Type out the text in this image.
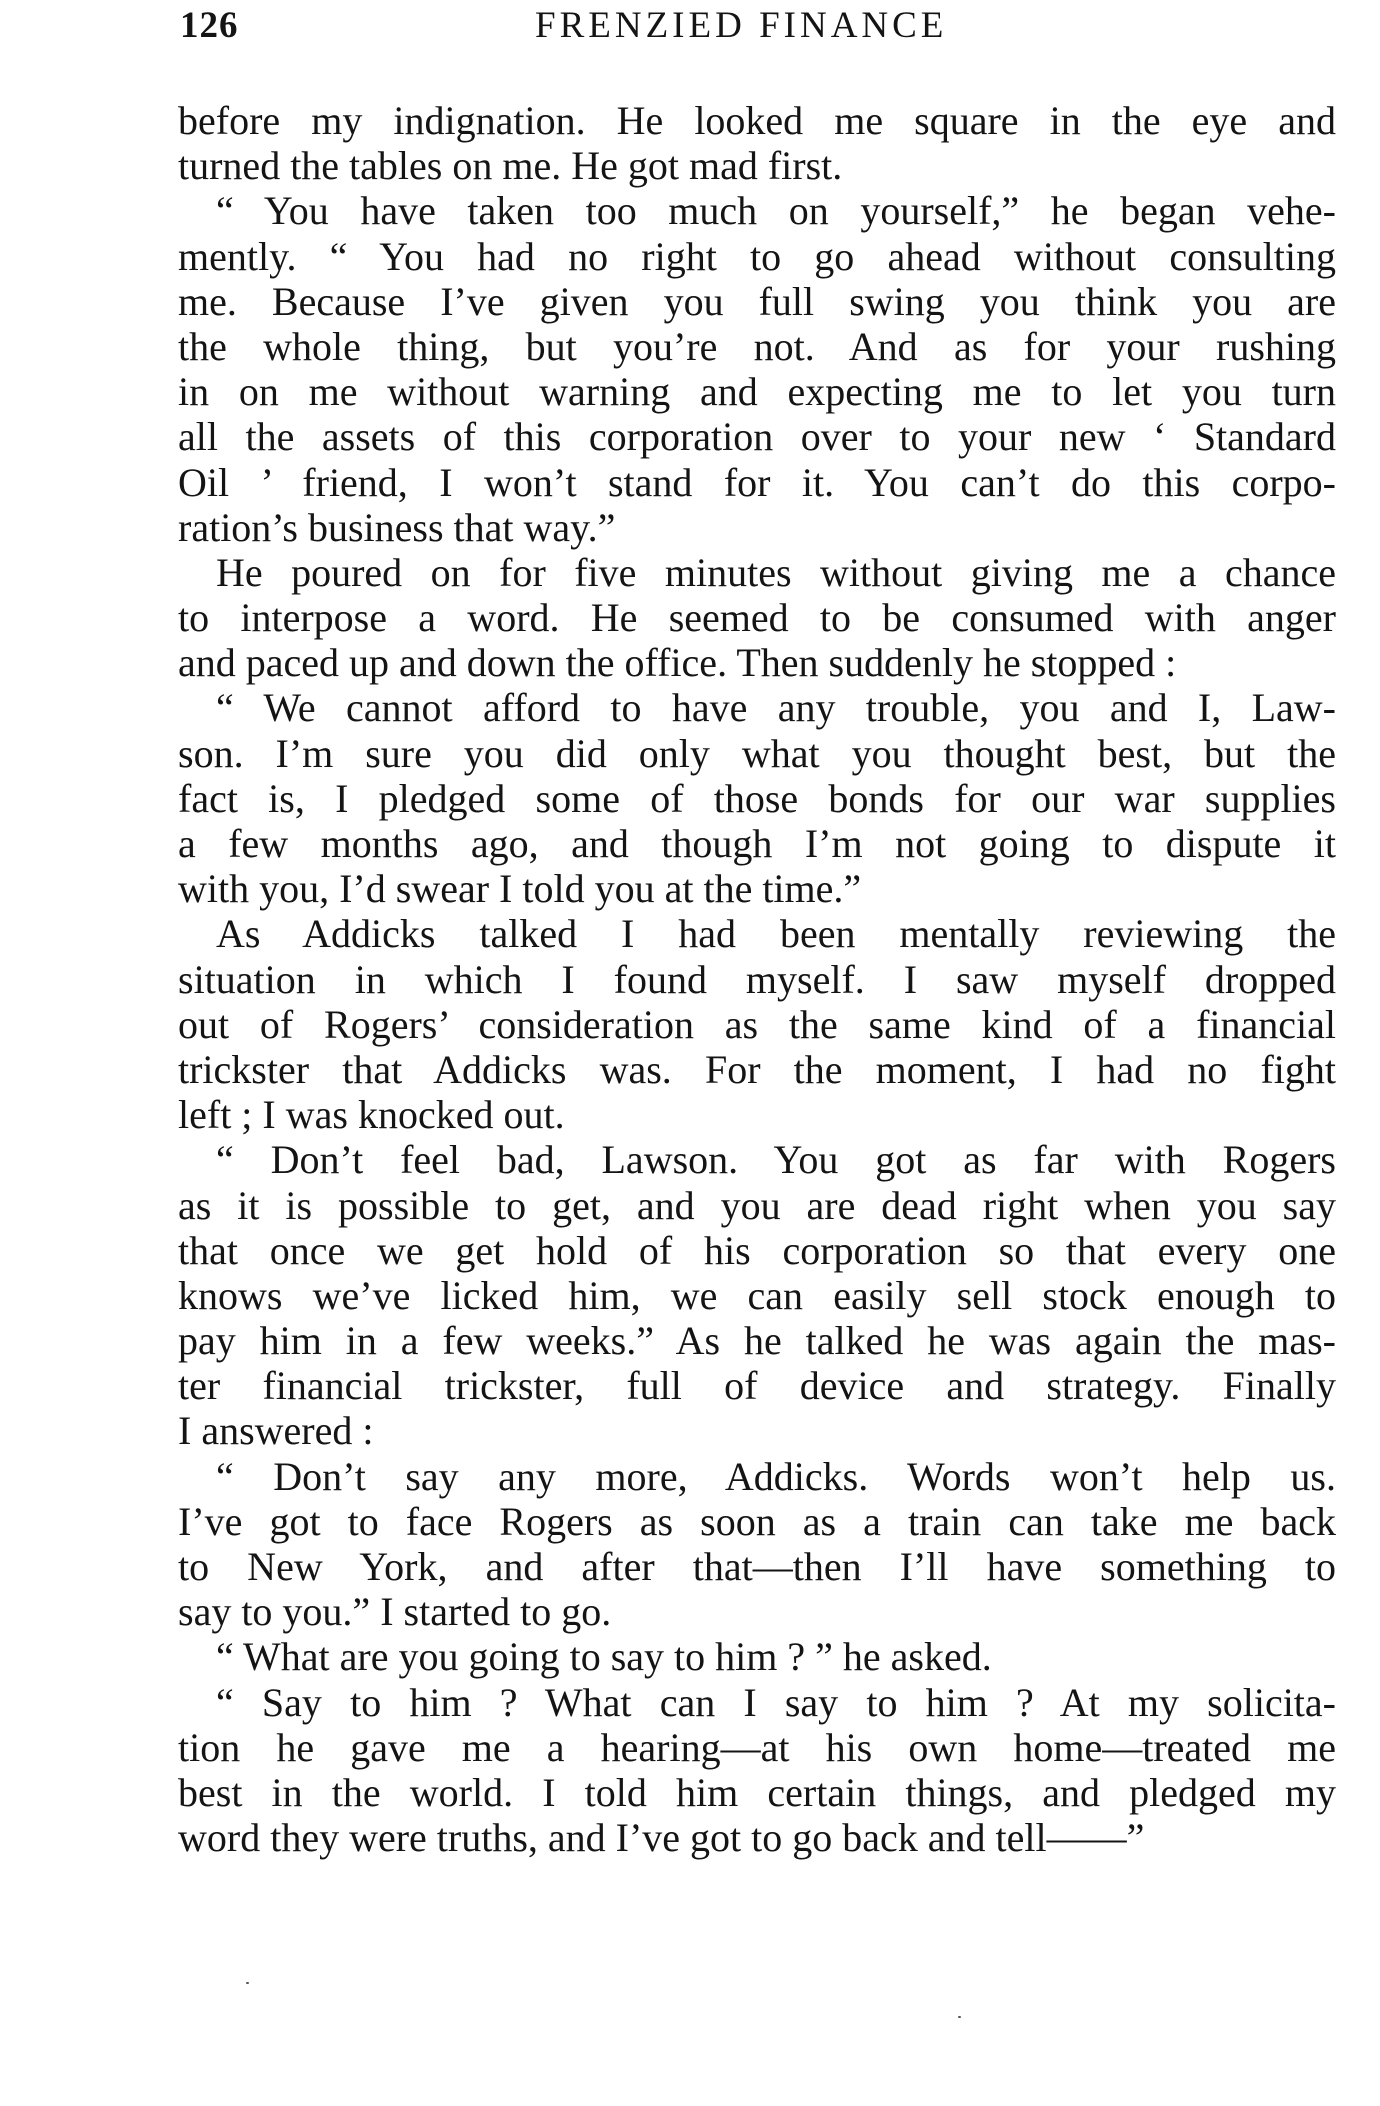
126	FRENZIED FINANCE
before my indignation. He looked me square in the eye and
turned the tables on me. He got mad first.
“ You have taken too much on yourself,” he began vehe-
mently. “ You had no right to go ahead without consulting
me. Because I’ve given you full swing you think you are
the whole thing, but you’re not. And as for your rushing
in on me without warning and expecting me to let you turn
all the assets of this corporation over to your new ‘ Standard
Oil ’ friend, I won’t stand for it. You can’t do this corpo-
ration’s business that way.”
He poured on for five minutes without giving me a chance
to interpose a word. He seemed to be consumed with anger
and paced up and down the office. Then suddenly he stopped :
“ We cannot afford to have any trouble, you and I, Law-
son. I’m sure you did only what you thought best, but the
fact is, I pledged some of those bonds for our war supplies
a few months ago, and though I’m not going to dispute it
with you, I’d swear I told you at the time.”
As Addicks talked I had been mentally reviewing the
situation in which I found myself. I saw myself dropped
out of Rogers’ consideration as the same kind of a financial
trickster that Addicks was. For the moment, I had no fight
left ; I was knocked out.
“ Don’t feel bad, Lawson. You got as far with Rogers
as it is possible to get, and you are dead right when you say
that once we get hold of his corporation so that every one
knows we’ve licked him, we can easily sell stock enough to
pay him in a few weeks.” As he talked he was again the mas-
ter financial trickster, full of device and strategy. Finally
I answered :
“ Don’t say any more, Addicks. Words won’t help us.
I’ve got to face Rogers as soon as a train can take me back
to New York, and after that—then I’ll have something to
say to you.” I started to go.
“ What are you going to say to him ? ” he asked.
“ Say to him ? What can I say to him ? At my solicita-
tion he gave me a hearing—at his own home—treated me
best in the world. I told him certain things, and pledged my
word they were truths, and I’ve got to go back and tell——”
